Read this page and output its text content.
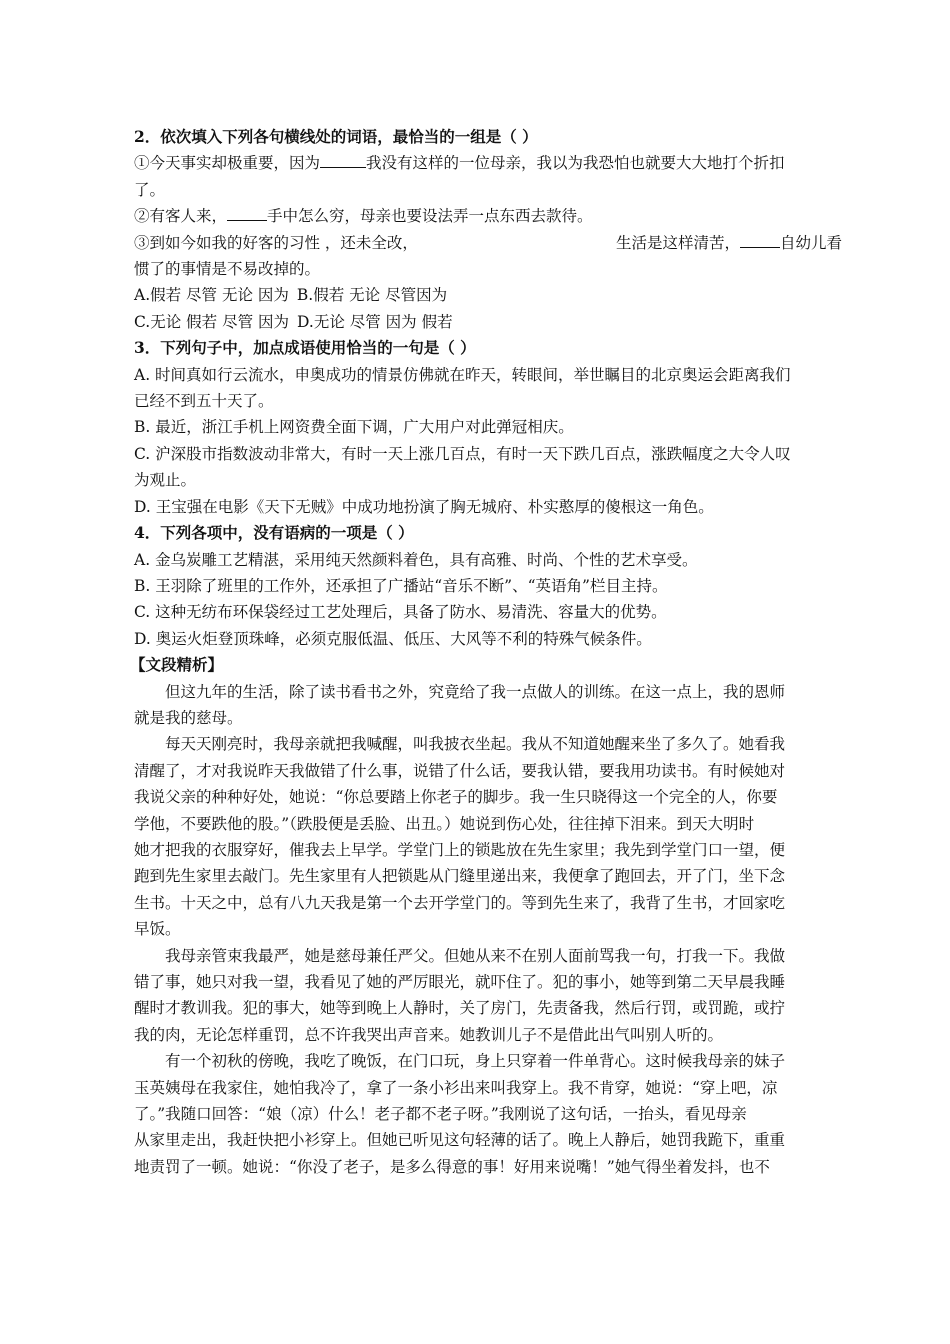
2．依次填入下列各句横线处的词语，最恰当的一组是（ ）

①今天事实却极重要，因为	我没有这样的一位母亲，我以为我恐怕也就要大大地打个折扣

了。

②有客人来，	手中怎么穷，母亲也要设法弄一点东西去款待。

③到如今如我的好客的习性 ，还未全改，	生活是这样清苦，	自幼儿看

惯了的事情是不易改掉的。

A.假若 尽管 无论 因为 B.假若 无论 尽管因为

C.无论 假若 尽管 因为 D.无论 尽管 因为 假若

3．下列句子中，加点成语使用恰当的一句是（ ）

A. 时间真如行云流水，申奥成功的情景仿佛就在昨天，转眼间，举世瞩目的北京奥运会距离我们

已经不到五十天了。

B. 最近，浙江手机上网资费全面下调，广大用户对此弹冠相庆。

C. 沪深股市指数波动非常大，有时一天上涨几百点，有时一天下跌几百点，涨跌幅度之大令人叹

为观止。

D. 王宝强在电影《天下无贼》中成功地扮演了胸无城府、朴实憨厚的傻根这一角色。

4．下列各项中，没有语病的一项是（ ）

A. 金乌炭雕工艺精湛，采用纯天然颜料着色，具有高雅、时尚、个性的艺术享受。

B. 王羽除了班里的工作外，还承担了广播站“音乐不断”、“英语角”栏目主持。

C. 这种无纺布环保袋经过工艺处理后，具备了防水、易清洗、容量大的优势。

D. 奥运火炬登顶珠峰，必须克服低温、低压、大风等不利的特殊气候条件。

【文段精析】

但这九年的生活，除了读书看书之外，究竟给了我一点做人的训练。在这一点上，我的恩师

就是我的慈母。

每天天刚亮时，我母亲就把我喊醒，叫我披衣坐起。我从不知道她醒来坐了多久了。她看我

清醒了，才对我说昨天我做错了什么事，说错了什么话，要我认错，要我用功读书。有时候她对

我说父亲的种种好处，她说：“你总要踏上你老子的脚步。我一生只晓得这一个完全的人，你要

学他，不要跌他的股。”（跌股便是丢脸、出丑。）她说到伤心处，往往掉下泪来。到天大明时

她才把我的衣服穿好，催我去上早学。学堂门上的锁匙放在先生家里；我先到学堂门口一望，便

跑到先生家里去敲门。先生家里有人把锁匙从门缝里递出来，我便拿了跑回去，开了门，坐下念

生书。十天之中，总有八九天我是第一个去开学堂门的。等到先生来了，我背了生书，才回家吃

早饭。

我母亲管束我最严，她是慈母兼任严父。但她从来不在别人面前骂我一句，打我一下。我做

错了事，她只对我一望，我看见了她的严厉眼光，就吓住了。犯的事小，她等到第二天早晨我睡

醒时才教训我。犯的事大，她等到晚上人静时，关了房门，先责备我，然后行罚，或罚跪，或拧

我的肉，无论怎样重罚，总不许我哭出声音来。她教训儿子不是借此出气叫别人听的。

有一个初秋的傍晚，我吃了晚饭，在门口玩，身上只穿着一件单背心。这时候我母亲的妹子

玉英姨母在我家住，她怕我冷了，拿了一条小衫出来叫我穿上。我不肯穿，她说：“穿上吧，凉

了。”我随口回答：“娘（凉）什么！老子都不老子呀。”我刚说了这句话，一抬头，看见母亲

从家里走出，我赶快把小衫穿上。但她已听见这句轻薄的话了。晚上人静后，她罚我跪下，重重

地责罚了一顿。她说：“你没了老子，是多么得意的事！好用来说嘴！”她气得坐着发抖，也不
